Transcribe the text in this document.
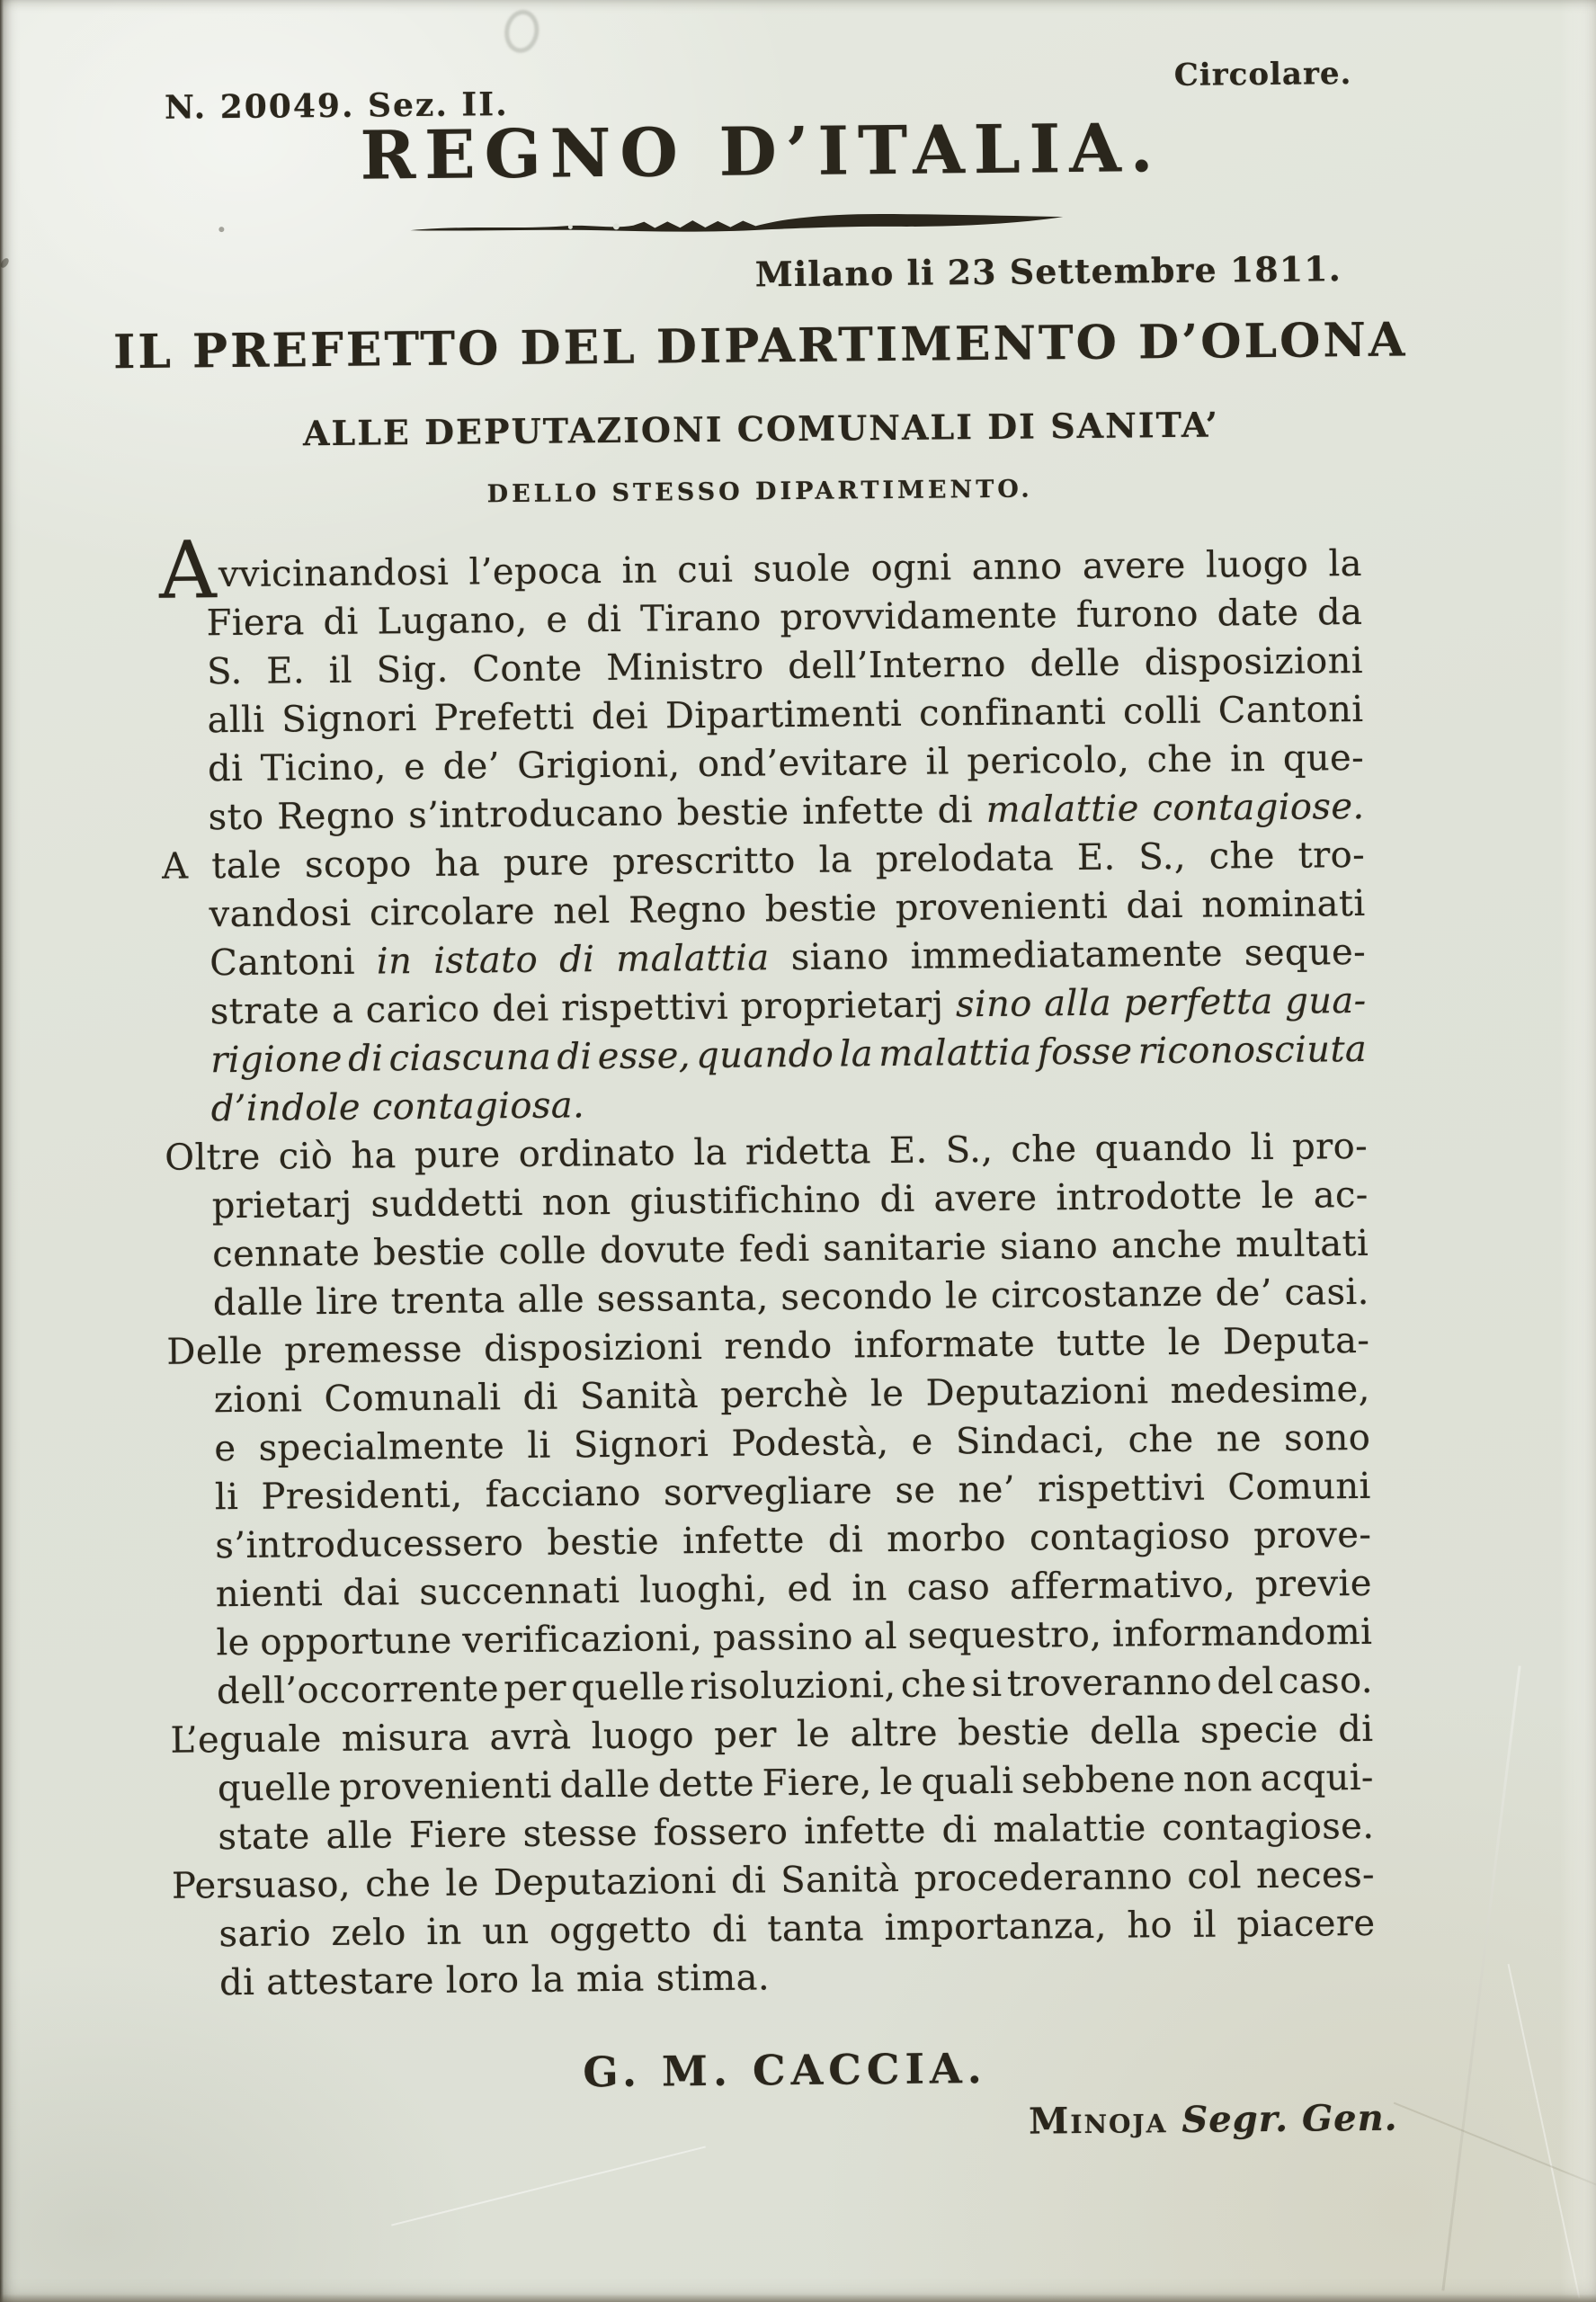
N. 20049. Sez. II.
Circolare.
REGNO D’ITALIA.
Milano li 23 Settembre 1811.
IL PREFETTO DEL DIPARTIMENTO D’OLONA
ALLE DEPUTAZIONI COMUNALI DI SANITA’
DELLO STESSO DIPARTIMENTO.
Avvicinandosi l’epoca in cui suole ogni anno avere luogo la
Fiera di Lugano, e di Tirano provvidamente furono date da
S. E. il Sig. Conte Ministro dell’Interno delle disposizioni
alli Signori Prefetti dei Dipartimenti confinanti colli Cantoni
di Ticino, e de’ Grigioni, ond’evitare il pericolo, che in que-
sto Regno s’introducano bestie infette di malattie contagiose.
A tale scopo ha pure prescritto la prelodata E. S., che tro-
vandosi circolare nel Regno bestie provenienti dai nominati
Cantoni in istato di malattia siano immediatamente seque-
strate a carico dei rispettivi proprietarj sino alla perfetta gua-
rigione di ciascuna di esse, quando la malattia fosse riconosciuta
d’indole contagiosa.
Oltre ciò ha pure ordinato la ridetta E. S., che quando li pro-
prietarj suddetti non giustifichino di avere introdotte le ac-
cennate bestie colle dovute fedi sanitarie siano anche multati
dalle lire trenta alle sessanta, secondo le circostanze de’ casi.
Delle premesse disposizioni rendo informate tutte le Deputa-
zioni Comunali di Sanità perchè le Deputazioni medesime,
e specialmente li Signori Podestà, e Sindaci, che ne sono
li Presidenti, facciano sorvegliare se ne’ rispettivi Comuni
s’introducessero bestie infette di morbo contagioso prove-
nienti dai succennati luoghi, ed in caso affermativo, previe
le opportune verificazioni, passino al sequestro, informandomi
dell’occorrente per quelle risoluzioni, che si troveranno del caso.
L’eguale misura avrà luogo per le altre bestie della specie di
quelle provenienti dalle dette Fiere, le quali sebbene non acqui-
state alle Fiere stesse fossero infette di malattie contagiose.
Persuaso, che le Deputazioni di Sanità procederanno col neces-
sario zelo in un oggetto di tanta importanza, ho il piacere
di attestare loro la mia stima.
G. M. CACCIA.
Minoja Segr. Gen.
